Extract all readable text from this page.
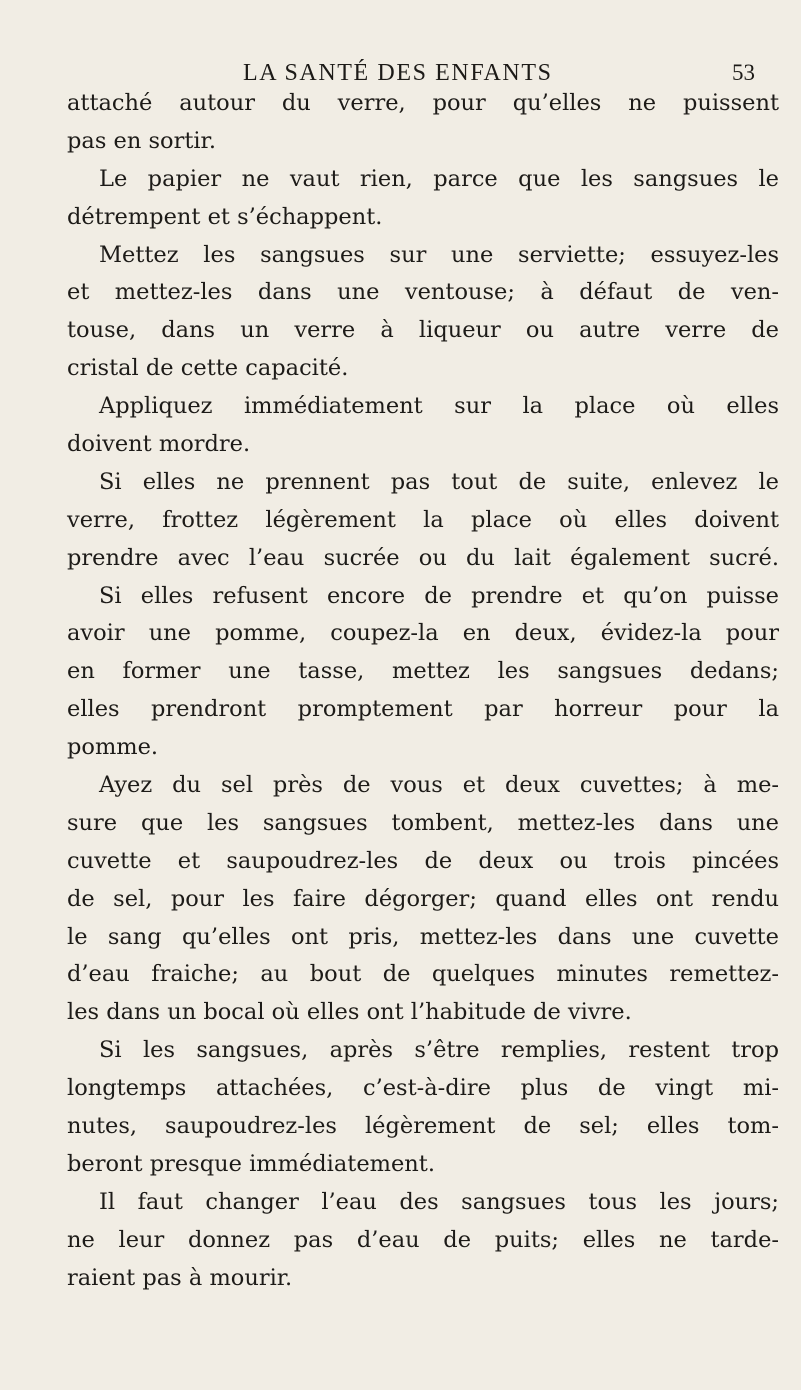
LA SANTÉ DES ENFANTS	53
attaché autour du verre, pour qu’elles ne puissent
pas en sortir.
Le papier ne vaut rien, parce que les sangsues le
détrempent et s’échappent.
Mettez les sangsues sur une serviette; essuyez-les
et mettez-les dans une ventouse; à défaut de ven-
touse, dans un verre à liqueur ou autre verre de
cristal de cette capacité.
Appliquez immédiatement sur la place où elles
doivent mordre.
Si elles ne prennent pas tout de suite, enlevez le
verre, frottez légèrement la place où elles doivent
prendre avec l’eau sucrée ou du lait également sucré.
Si elles refusent encore de prendre et qu’on puisse
avoir une pomme, coupez-la en deux, évidez-la pour
en former une tasse, mettez les sangsues dedans;
elles prendront promptement par horreur pour la
pomme.
Ayez du sel près de vous et deux cuvettes; à me-
sure que les sangsues tombent, mettez-les dans une
cuvette et saupoudrez-les de deux ou trois pincées
de sel, pour les faire dégorger; quand elles ont rendu
le sang qu’elles ont pris, mettez-les dans une cuvette
d’eau fraiche; au bout de quelques minutes remettez-
les dans un bocal où elles ont l’habitude de vivre.
Si les sangsues, après s’être remplies, restent trop
longtemps attachées, c’est-à-dire plus de vingt mi-
nutes, saupoudrez-les légèrement de sel; elles tom-
beront presque immédiatement.
Il faut changer l’eau des sangsues tous les jours;
ne leur donnez pas d’eau de puits; elles ne tarde-
raient pas à mourir.
